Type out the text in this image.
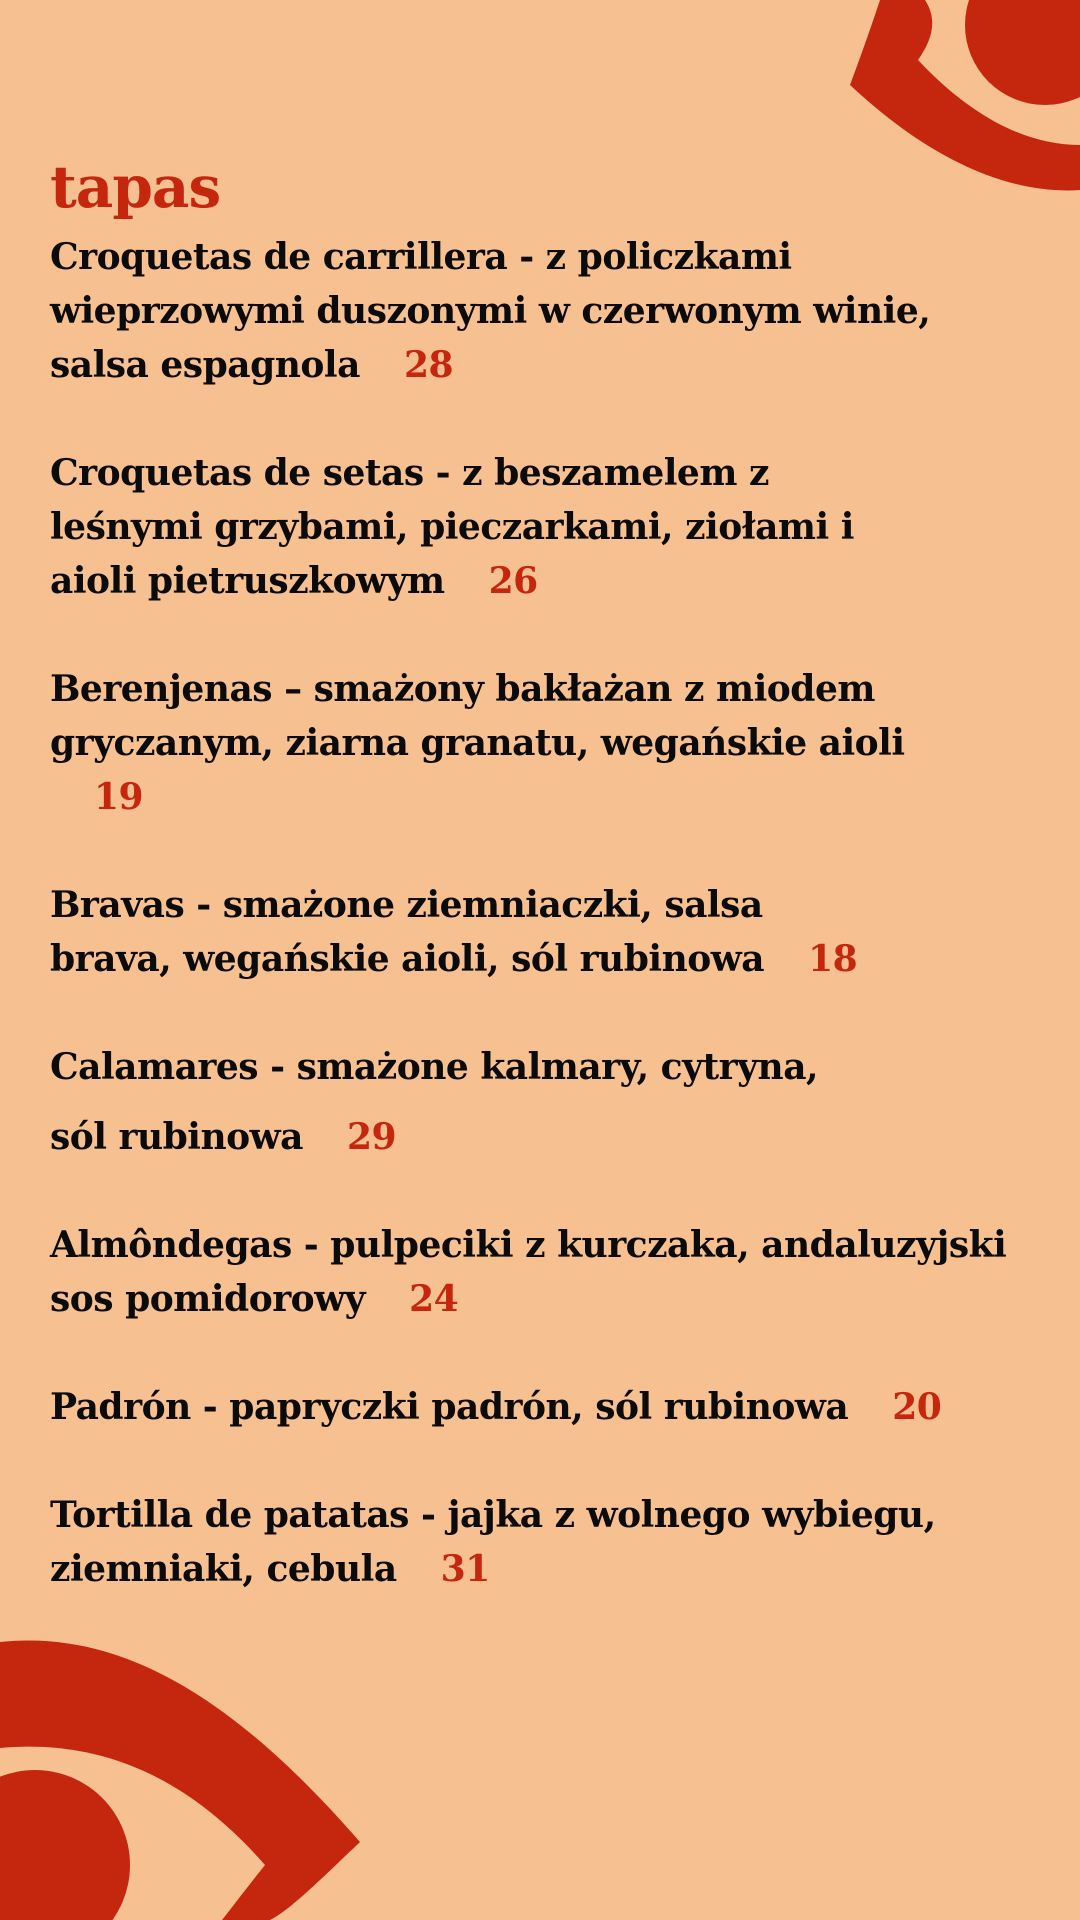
tapas

Croquetas de carrillera - z policzkami wieprzowymi duszonymi w czerwonym winie, salsa espagnola 28

Croquetas de setas - z beszamelem z leśnymi grzybami, pieczarkami, ziołami i aioli pietruszkowym 26

Berenjenas – smażony bakłażan z miodem gryczanym, ziarna granatu, wegańskie aioli19

Bravas - smażone ziemniaczki, salsa brava, wegańskie aioli, sól rubinowa 18

Calamares - smażone kalmary, cytryna,
sól rubinowa 29

Almôndegas - pulpeciki z kurczaka, andaluzyjski sos pomidorowy 24

Padrón - papryczki padrón, sól rubinowa 20

Tortilla de patatas - jajka z wolnego wybiegu, ziemniaki, cebula 31
